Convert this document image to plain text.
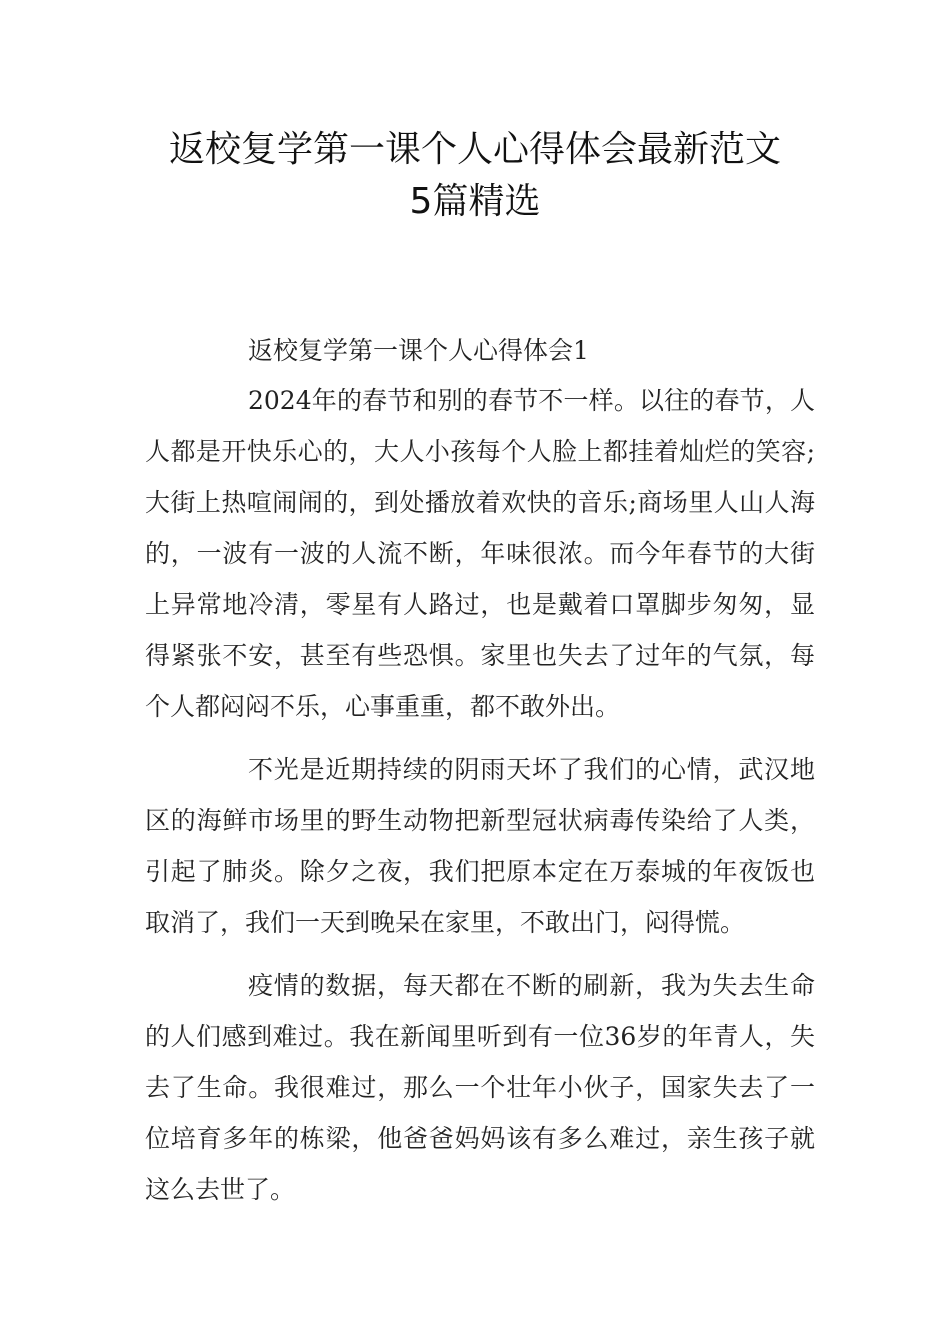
返校复学第一课个人心得体会最新范文
5篇精选

返校复学第一课个人心得体会1

2024年的春节和别的春节不一样。以往的春节，人人都是开快乐心的，大人小孩每个人脸上都挂着灿烂的笑容;大街上热喧闹闹的，到处播放着欢快的音乐;商场里人山人海的，一波有一波的人流不断，年味很浓。而今年春节的大街上异常地冷清，零星有人路过，也是戴着口罩脚步匆匆，显得紧张不安，甚至有些恐惧。家里也失去了过年的气氛，每个人都闷闷不乐，心事重重，都不敢外出。

不光是近期持续的阴雨天坏了我们的心情，武汉地区的海鲜市场里的野生动物把新型冠状病毒传染给了人类，引起了肺炎。除夕之夜，我们把原本定在万泰城的年夜饭也取消了，我们一天到晚呆在家里，不敢出门，闷得慌。

疫情的数据，每天都在不断的刷新，我为失去生命的人们感到难过。我在新闻里听到有一位36岁的年青人，失去了生命。我很难过，那么一个壮年小伙子，国家失去了一位培育多年的栋梁，他爸爸妈妈该有多么难过，亲生孩子就这么去世了。
